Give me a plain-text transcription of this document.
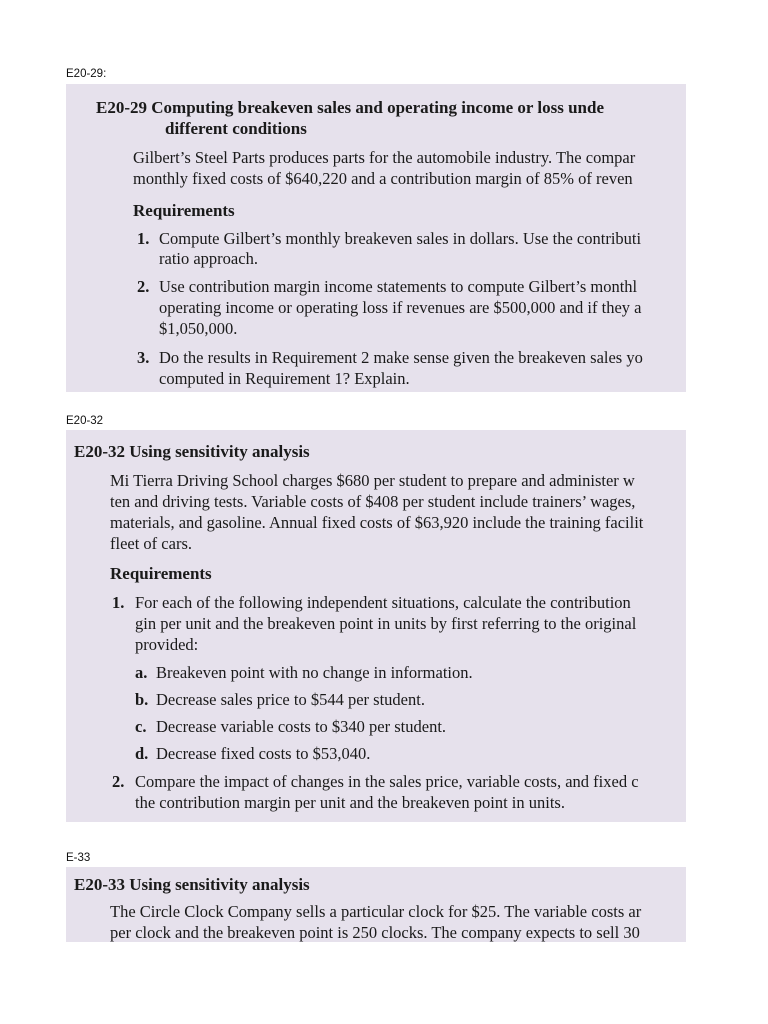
E20-29:
E20-29 Computing breakeven sales and operating income or loss unde
different conditions
Gilbert’s Steel Parts produces parts for the automobile industry. The compar
monthly fixed costs of $640,220 and a contribution margin of 85% of reven
Requirements
1. Compute Gilbert’s monthly breakeven sales in dollars. Use the contributi
ratio approach.
2. Use contribution margin income statements to compute Gilbert’s monthl
operating income or operating loss if revenues are $500,000 and if they a
$1,050,000.
3. Do the results in Requirement 2 make sense given the breakeven sales yo
computed in Requirement 1? Explain.
E20-32
E20-32 Using sensitivity analysis
Mi Tierra Driving School charges $680 per student to prepare and administer w
ten and driving tests. Variable costs of $408 per student include trainers’ wages,
materials, and gasoline. Annual fixed costs of $63,920 include the training facilit
fleet of cars.
Requirements
1. For each of the following independent situations, calculate the contribution
gin per unit and the breakeven point in units by first referring to the original
provided:
a. Breakeven point with no change in information.
b. Decrease sales price to $544 per student.
c. Decrease variable costs to $340 per student.
d. Decrease fixed costs to $53,040.
2. Compare the impact of changes in the sales price, variable costs, and fixed c
the contribution margin per unit and the breakeven point in units.
E-33
E20-33 Using sensitivity analysis
The Circle Clock Company sells a particular clock for $25. The variable costs ar
per clock and the breakeven point is 250 clocks. The company expects to sell 30
